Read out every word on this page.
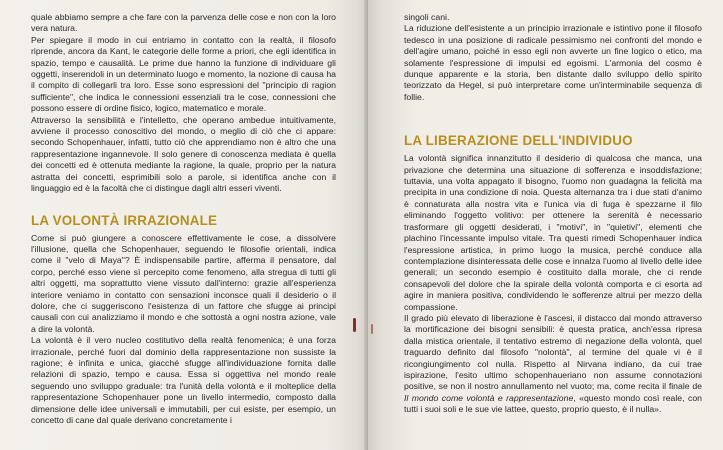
quale abbiamo sempre a che fare con la parvenza delle cose e non con la loro vera natura.

Per spiegare il modo in cui entriamo in contatto con la realtà, il filosofo riprende, ancora da Kant, le categorie delle forme a priori, che egli identifica in spazio, tempo e causalità. Le prime due hanno la funzione di individuare gli oggetti, inserendoli in un determinato luogo e momento, la nozione di causa ha il compito di collegarli tra loro. Esse sono espressioni del "principio di ragion sufficiente", che indica le connessioni essenziali tra le cose, connessioni che possono essere di ordine fisico, logico, matematico e morale.

Attraverso la sensibilità e l'intelletto, che operano ambedue intuitivamente, avviene il processo conoscitivo del mondo, o meglio di ciò che ci appare: secondo Schopenhauer, infatti, tutto ciò che apprendiamo non è altro che una rappresentazione ingannevole. Il solo genere di conoscenza mediata è quella dei concetti ed è ottenuta mediante la ragione, la quale, proprio per la natura astratta dei concetti, esprimibili solo a parole, si identifica anche con il linguaggio ed è la facoltà che ci distingue dagli altri esseri viventi.

LA VOLONTÀ IRRAZIONALE

Come si può giungere a conoscere effettivamente le cose, a dissolvere l'illusione, quella che Schopenhauer, seguendo le filosofie orientali, indica come il "velo di Maya"? È indispensabile partire, afferma il pensatore, dal corpo, perché esso viene sì percepito come fenomeno, alla stregua di tutti gli altri oggetti, ma soprattutto viene vissuto dall'interno: grazie all'esperienza interiore veniamo in contatto con sensazioni inconsce quali il desiderio o il dolore, che ci suggeriscono l'esistenza di un fattore che sfugge ai principi causali con cui analizziamo il mondo e che sottostà a ogni nostra azione, vale a dire la volontà.

La volontà è il vero nucleo costitutivo della realtà fenomenica; è una forza irrazionale, perché fuori dal dominio della rappresentazione non sussiste la ragione; è infinita e unica, giacché sfugge all'individuazione fornita dalle relazioni di spazio, tempo e causa. Essa si oggettiva nel mondo reale seguendo uno sviluppo graduale: tra l'unità della volontà e il molteplice della rappresentazione Schopenhauer pone un livello intermedio, composto dalla dimensione delle idee universali e immutabili, per cui esiste, per esempio, un concetto di cane dal quale derivano concretamente i

singoli cani.

La riduzione dell'esistente a un principio irrazionale e istintivo pone il filosofo tedesco in una posizione di radicale pessimismo nei confronti del mondo e dell'agire umano, poiché in esso egli non avverte un fine logico o etico, ma solamente l'espressione di impulsi ed egoismi. L'armonia del cosmo è dunque apparente e la storia, ben distante dallo sviluppo dello spirito teorizzato da Hegel, si può interpretare come un'interminabile sequenza di follie.

LA LIBERAZIONE DELL'INDIVIDUO

La volontà significa innanzitutto il desiderio di qualcosa che manca, una privazione che determina una situazione di sofferenza e insoddisfazione; tuttavia, una volta appagato il bisogno, l'uomo non guadagna la felicità ma precipita in una condizione di noia. Questa alternanza tra i due stati d'animo è connaturata alla nostra vita e l'unica via di fuga è spezzarne il filo eliminando l'oggetto volitivo: per ottenere la serenità è necessario trasformare gli oggetti desiderati, i "motivi", in "quietivi", elementi che plachino l'incessante impulso vitale. Tra questi rimedi Schopenhauer indica l'espressione artistica, in primo luogo la musica, perché conduce alla contemplazione disinteressata delle cose e innalza l'uomo al livello delle idee generali; un secondo esempio è costituito dalla morale, che ci rende consapevoli del dolore che la spirale della volontà comporta e ci esorta ad agire in maniera positiva, condividendo le sofferenze altrui per mezzo della compassione.

Il grado più elevato di liberazione è l'ascesi, il distacco dal mondo attraverso la mortificazione dei bisogni sensibili: è questa pratica, anch'essa ripresa dalla mistica orientale, il tentativo estremo di negazione della volontà, quel traguardo definito dal filosofo "nolontà", al termine del quale vi è il ricongiungimento col nulla. Rispetto al Nirvana indiano, da cui trae ispirazione, l'esito ultimo schopenhaueriano non assume connotazioni positive, se non il nostro annullamento nel vuoto; ma, come recita il finale de Il mondo come volontà e rappresentazione, «questo mondo così reale, con tutti i suoi soli e le sue vie lattee, questo, proprio questo, è il nulla».
